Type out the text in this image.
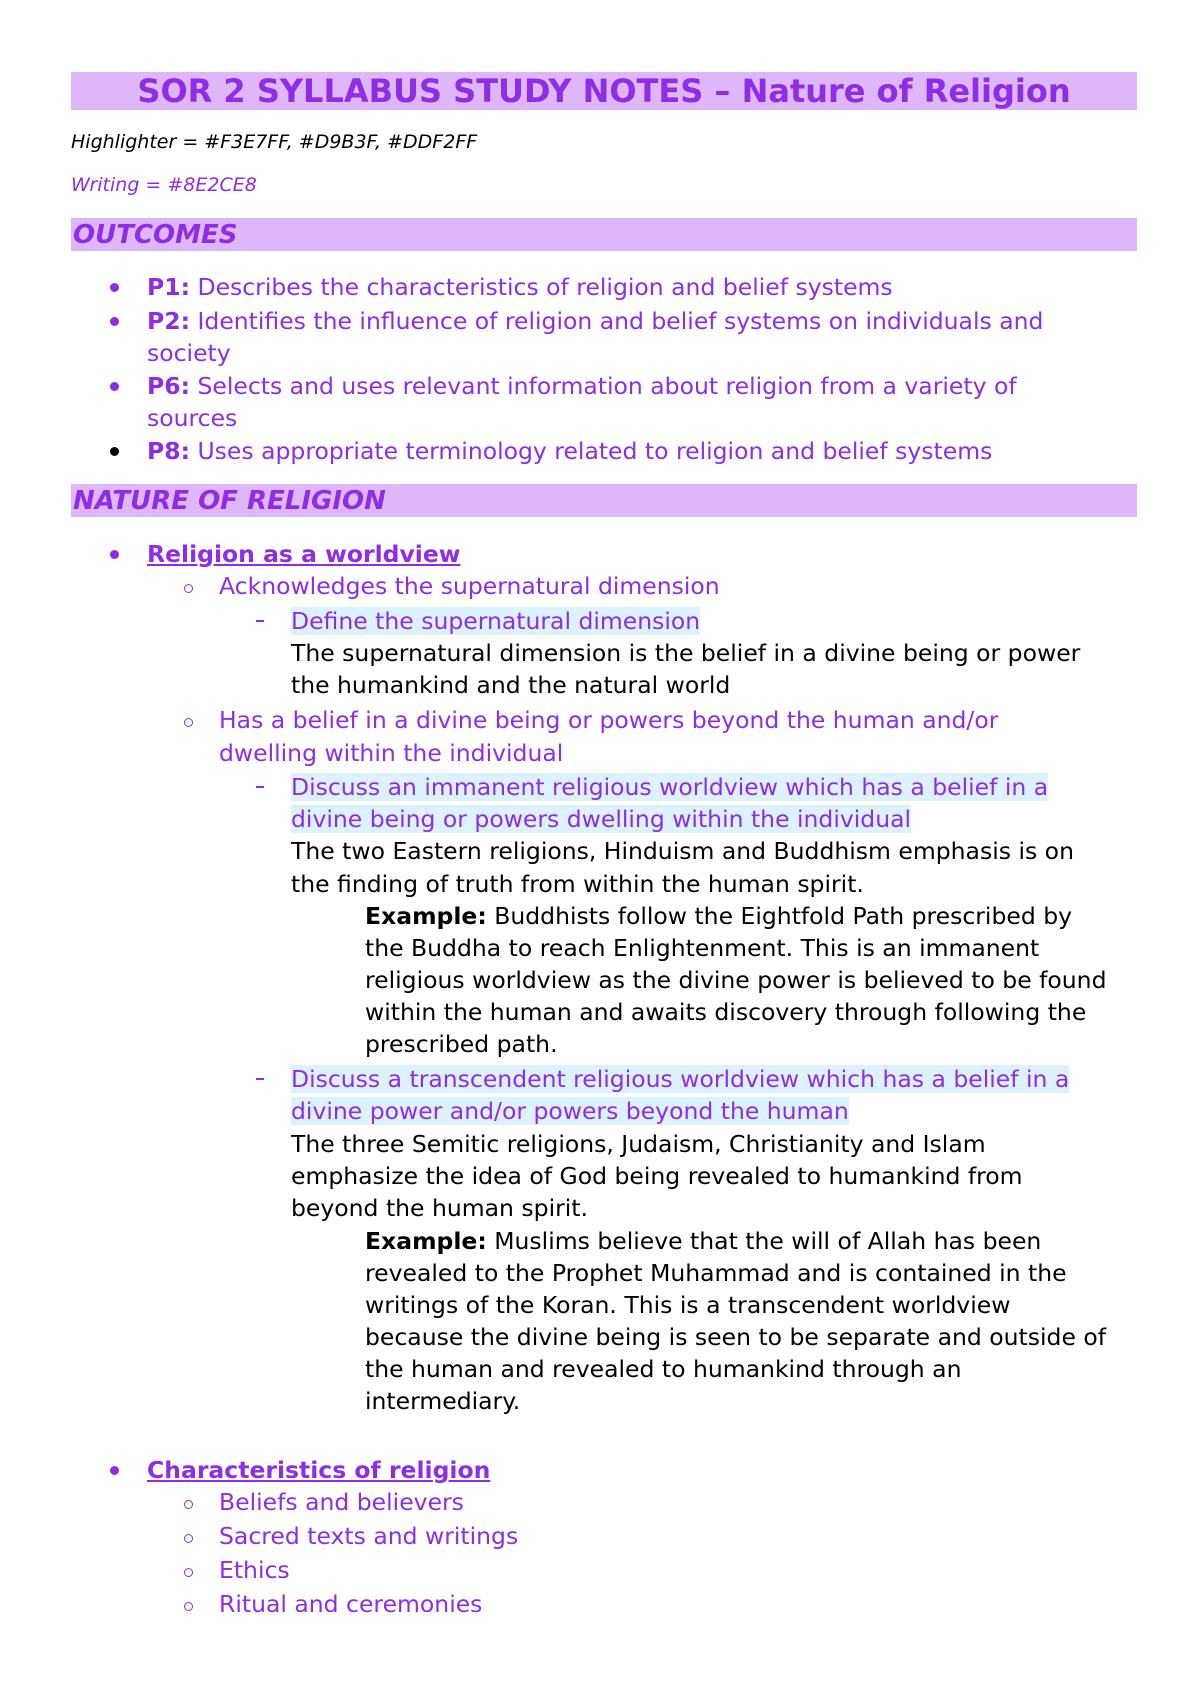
SOR 2 SYLLABUS STUDY NOTES – Nature of Religion
Highlighter = #F3E7FF, #D9B3F, #DDF2FF
Writing = #8E2CE8
OUTCOMES
P1: Describes the characteristics of religion and belief systems
P2: Identifies the influence of religion and belief systems on individuals and
society
P6: Selects and uses relevant information about religion from a variety of
sources
P8: Uses appropriate terminology related to religion and belief systems
NATURE OF RELIGION
Religion as a worldview
Acknowledges the supernatural dimension
Define the supernatural dimension
The supernatural dimension is the belief in a divine being or power
the humankind and the natural world
Has a belief in a divine being or powers beyond the human and/or
dwelling within the individual
Discuss an immanent religious worldview which has a belief in a
divine being or powers dwelling within the individual
The two Eastern religions, Hinduism and Buddhism emphasis is on
the finding of truth from within the human spirit.
Example: Buddhists follow the Eightfold Path prescribed by
the Buddha to reach Enlightenment. This is an immanent
religious worldview as the divine power is believed to be found
within the human and awaits discovery through following the
prescribed path.
Discuss a transcendent religious worldview which has a belief in a
divine power and/or powers beyond the human
The three Semitic religions, Judaism, Christianity and Islam
emphasize the idea of God being revealed to humankind from
beyond the human spirit.
Example: Muslims believe that the will of Allah has been
revealed to the Prophet Muhammad and is contained in the
writings of the Koran. This is a transcendent worldview
because the divine being is seen to be separate and outside of
the human and revealed to humankind through an
intermediary.
Characteristics of religion
Beliefs and believers
Sacred texts and writings
Ethics
Ritual and ceremonies
